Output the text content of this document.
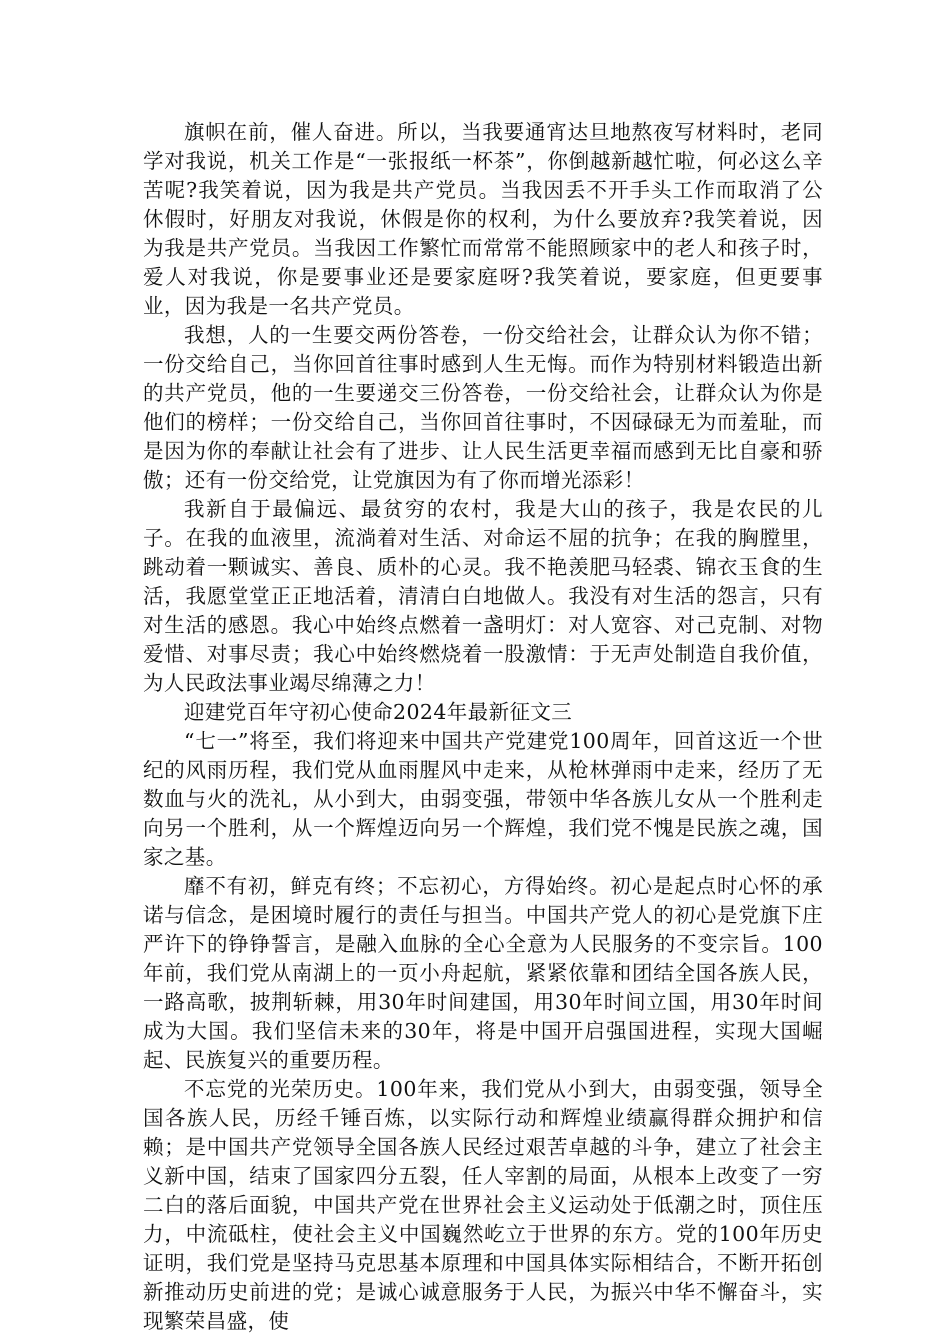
旗帜在前，催人奋进。所以，当我要通宵达旦地熬夜写材料时，老同学对我说，机关工作是“一张报纸一杯茶”，你倒越新越忙啦，何必这么辛苦呢?我笑着说，因为我是共产党员。当我因丢不开手头工作而取消了公休假时，好朋友对我说，休假是你的权利，为什么要放弃?我笑着说，因为我是共产党员。当我因工作繁忙而常常不能照顾家中的老人和孩子时，爱人对我说，你是要事业还是要家庭呀?我笑着说，要家庭，但更要事业，因为我是一名共产党员。

我想，人的一生要交两份答卷，一份交给社会，让群众认为你不错；一份交给自己，当你回首往事时感到人生无悔。而作为特别材料锻造出新的共产党员，他的一生要递交三份答卷，一份交给社会，让群众认为你是他们的榜样；一份交给自己，当你回首往事时，不因碌碌无为而羞耻，而是因为你的奉献让社会有了进步、让人民生活更幸福而感到无比自豪和骄傲；还有一份交给党，让党旗因为有了你而增光添彩！

我新自于最偏远、最贫穷的农村，我是大山的孩子，我是农民的儿子。在我的血液里，流淌着对生活、对命运不屈的抗争；在我的胸膛里，跳动着一颗诚实、善良、质朴的心灵。我不艳羡肥马轻裘、锦衣玉食的生活，我愿堂堂正正地活着，清清白白地做人。我没有对生活的怨言，只有对生活的感恩。我心中始终点燃着一盏明灯：对人宽容、对己克制、对物爱惜、对事尽责；我心中始终燃烧着一股激情：于无声处制造自我价值，为人民政法事业竭尽绵薄之力！

迎建党百年守初心使命2024年最新征文三

“七一”将至，我们将迎来中国共产党建党100周年，回首这近一个世纪的风雨历程，我们党从血雨腥风中走来，从枪林弹雨中走来，经历了无数血与火的洗礼，从小到大，由弱变强，带领中华各族儿女从一个胜利走向另一个胜利，从一个辉煌迈向另一个辉煌，我们党不愧是民族之魂，国家之基。

靡不有初，鲜克有终；不忘初心，方得始终。初心是起点时心怀的承诺与信念，是困境时履行的责任与担当。中国共产党人的初心是党旗下庄严许下的铮铮誓言，是融入血脉的全心全意为人民服务的不变宗旨。100年前，我们党从南湖上的一页小舟起航，紧紧依靠和团结全国各族人民，一路高歌，披荆斩棘，用30年时间建国，用30年时间立国，用30年时间成为大国。我们坚信未来的30年，将是中国开启强国进程，实现大国崛起、民族复兴的重要历程。

不忘党的光荣历史。100年来，我们党从小到大，由弱变强，领导全国各族人民，历经千锤百炼，以实际行动和辉煌业绩赢得群众拥护和信赖；是中国共产党领导全国各族人民经过艰苦卓越的斗争，建立了社会主义新中国，结束了国家四分五裂，任人宰割的局面，从根本上改变了一穷二白的落后面貌，中国共产党在世界社会主义运动处于低潮之时，顶住压力，中流砥柱，使社会主义中国巍然屹立于世界的东方。党的100年历史证明，我们党是坚持马克思基本原理和中国具体实际相结合，不断开拓创新推动历史前进的党；是诚心诚意服务于人民，为振兴中华不懈奋斗，实现繁荣昌盛，使
